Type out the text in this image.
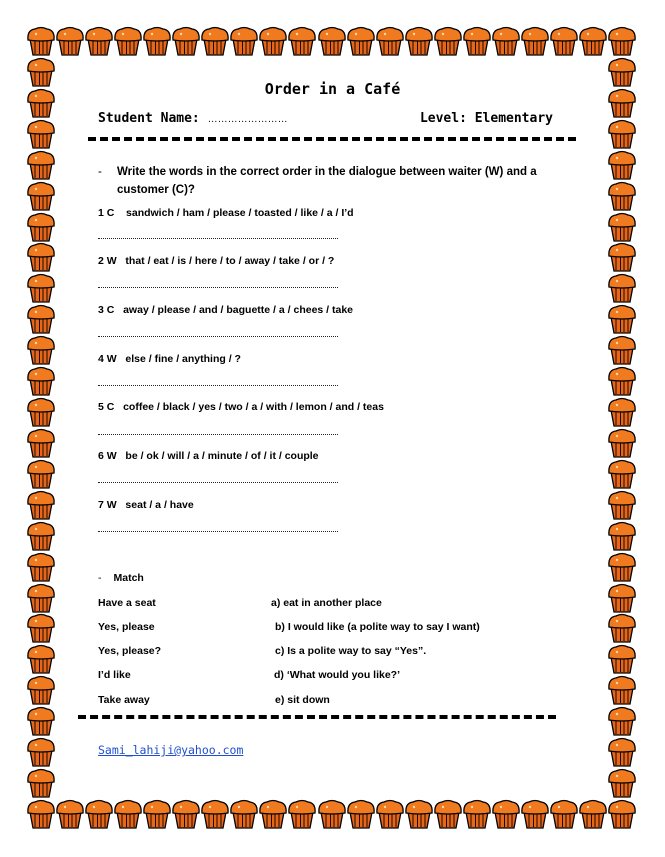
Order in a Café
Student Name: ……………………	Level: Elementary
- Write the words in the correct order in the dialogue between waiter (W) and a customer (C)?
1 C    sandwich / ham / please / toasted / like / a / I’d
2 W   that / eat / is / here / to / away / take / or / ?
3 C   away / please / and / baguette / a / chees / take
4 W   else / fine / anything / ?
5 C   coffee / black / yes / two / a / with / lemon / and / teas
6 W   be / ok / will / a / minute / of / it / couple
7 W   seat / a / have
- Match
Have a seat
Yes, please
Yes, please?
I’d like
Take away
a) eat in another place
b) I would like (a polite way to say I want)
c) Is a polite way to say “Yes”.
d) ‘What would you like?’
e) sit down
Sami_lahiji@yahoo.com
